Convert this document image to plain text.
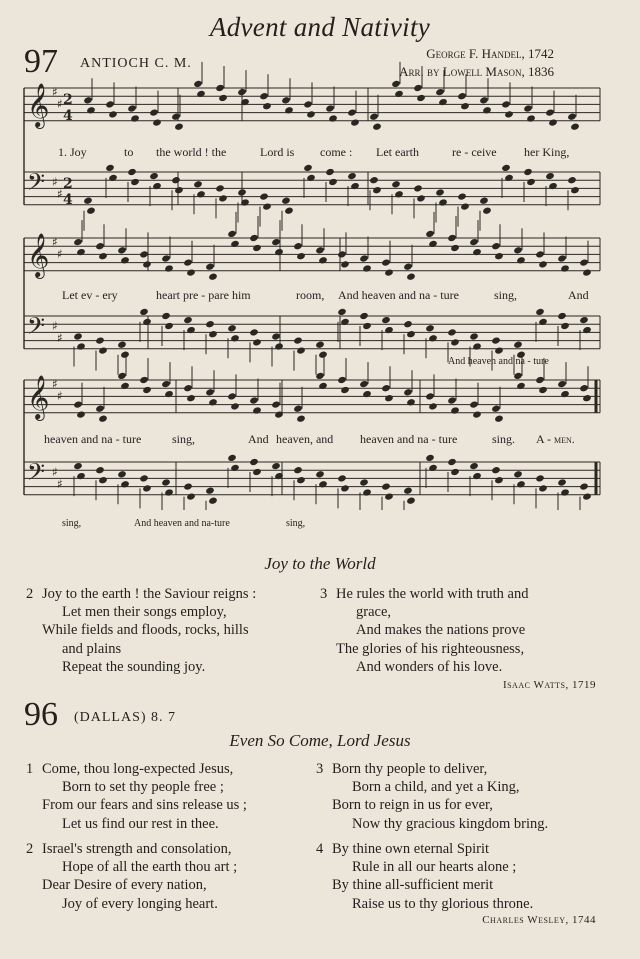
Advent and Nativity
97 ANTIOCH C. M.
George F. Handel, 1742
Arr. by Lowell Mason, 1836
𝄞 ♯
♯ 2
4
𝄢 ♯
♯
2
4
𝄞 ♯
♯
𝄢 ♯
♯
𝄞 ♯
♯
𝄢 ♯
♯
1. Joy	to the world ! the	Lord is come : Let earth	re - ceive her King,
Let ev - ery	heart pre - pare him	room, And heaven and na - ture	sing,	And
And heaven and na - ture
heaven and na - ture	sing,	And heaven, and heaven and na - ture	sing. A - men.
sing,	And heaven and na-ture	sing,
Joy to the World
2 Joy to the earth ! the Saviour reigns :
Let men their songs employ,
While fields and floods, rocks, hills
and plains
Repeat the sounding joy.
3 He rules the world with truth and
grace,
And makes the nations prove
The glories of his righteousness,
And wonders of his love.
Isaac Watts, 1719
96 (DALLAS) 8. 7
Even So Come, Lord Jesus
1 Come, thou long-expected Jesus,
Born to set thy people free ;
From our fears and sins release us ;
Let us find our rest in thee.
2 Israel's strength and consolation,
Hope of all the earth thou art ;
Dear Desire of every nation,
Joy of every longing heart.
3 Born thy people to deliver,
Born a child, and yet a King,
Born to reign in us for ever,
Now thy gracious kingdom bring.
4 By thine own eternal Spirit
Rule in all our hearts alone ;
By thine all-sufficient merit
Raise us to thy glorious throne.
Charles Wesley, 1744
